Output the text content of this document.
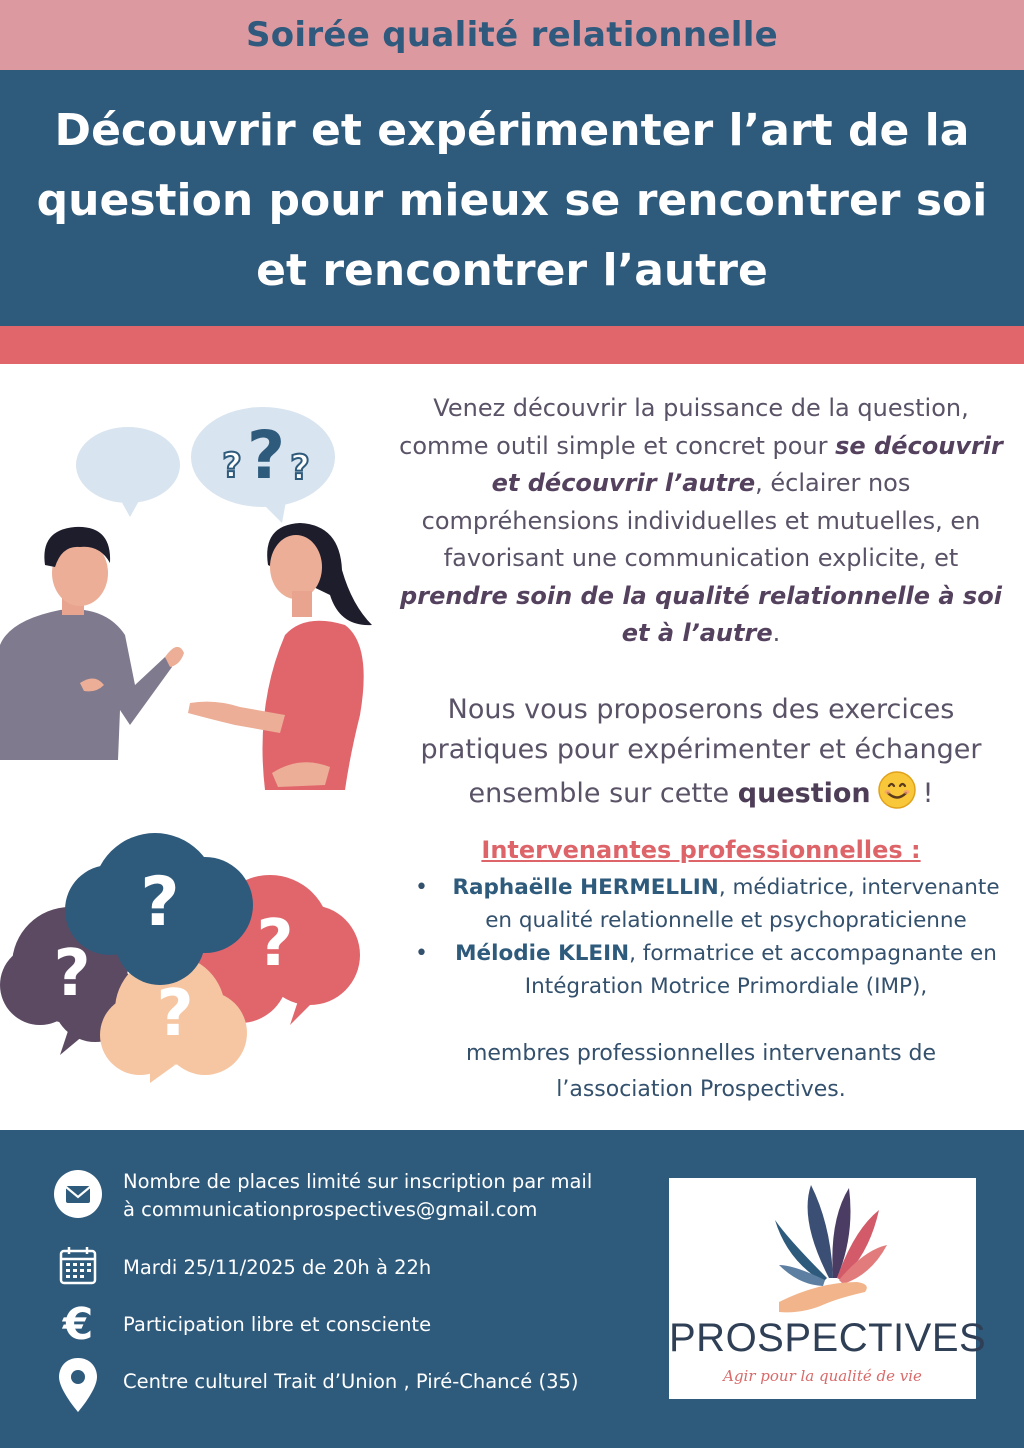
Soirée qualité relationnelle
Découvrir et expérimenter l’art de la question pour mieux se rencontrer soi et rencontrer l’autre
?
? ?
?
?	?
?

Venez découvrir la puissance de la question, comme outil simple et concret pour se découvrir et découvrir l’autre, éclairer nos compréhensions individuelles et mutuelles, en favorisant une communication explicite, et prendre soin de la qualité relationnelle à soi et à l’autre.

Nous vous proposerons des exercices pratiques pour expérimenter et échanger ensemble sur cette question !

Intervenantes professionnelles :
• Raphaëlle HERMELLIN, médiatrice, intervenante en qualité relationnelle et psychopraticienne
• Mélodie KLEIN, formatrice et accompagnante en Intégration Motrice Primordiale (IMP),
membres professionnelles intervenants de l’association Prospectives.
Nombre de places limité sur inscription par mail
à communicationprospectives@gmail.com
Mardi 25/11/2025 de 20h à 22h
€ Participation libre et consciente
Centre culturel Trait d’Union , Piré-Chancé (35)
PROSPECTIVES
Agir pour la qualité de vie
